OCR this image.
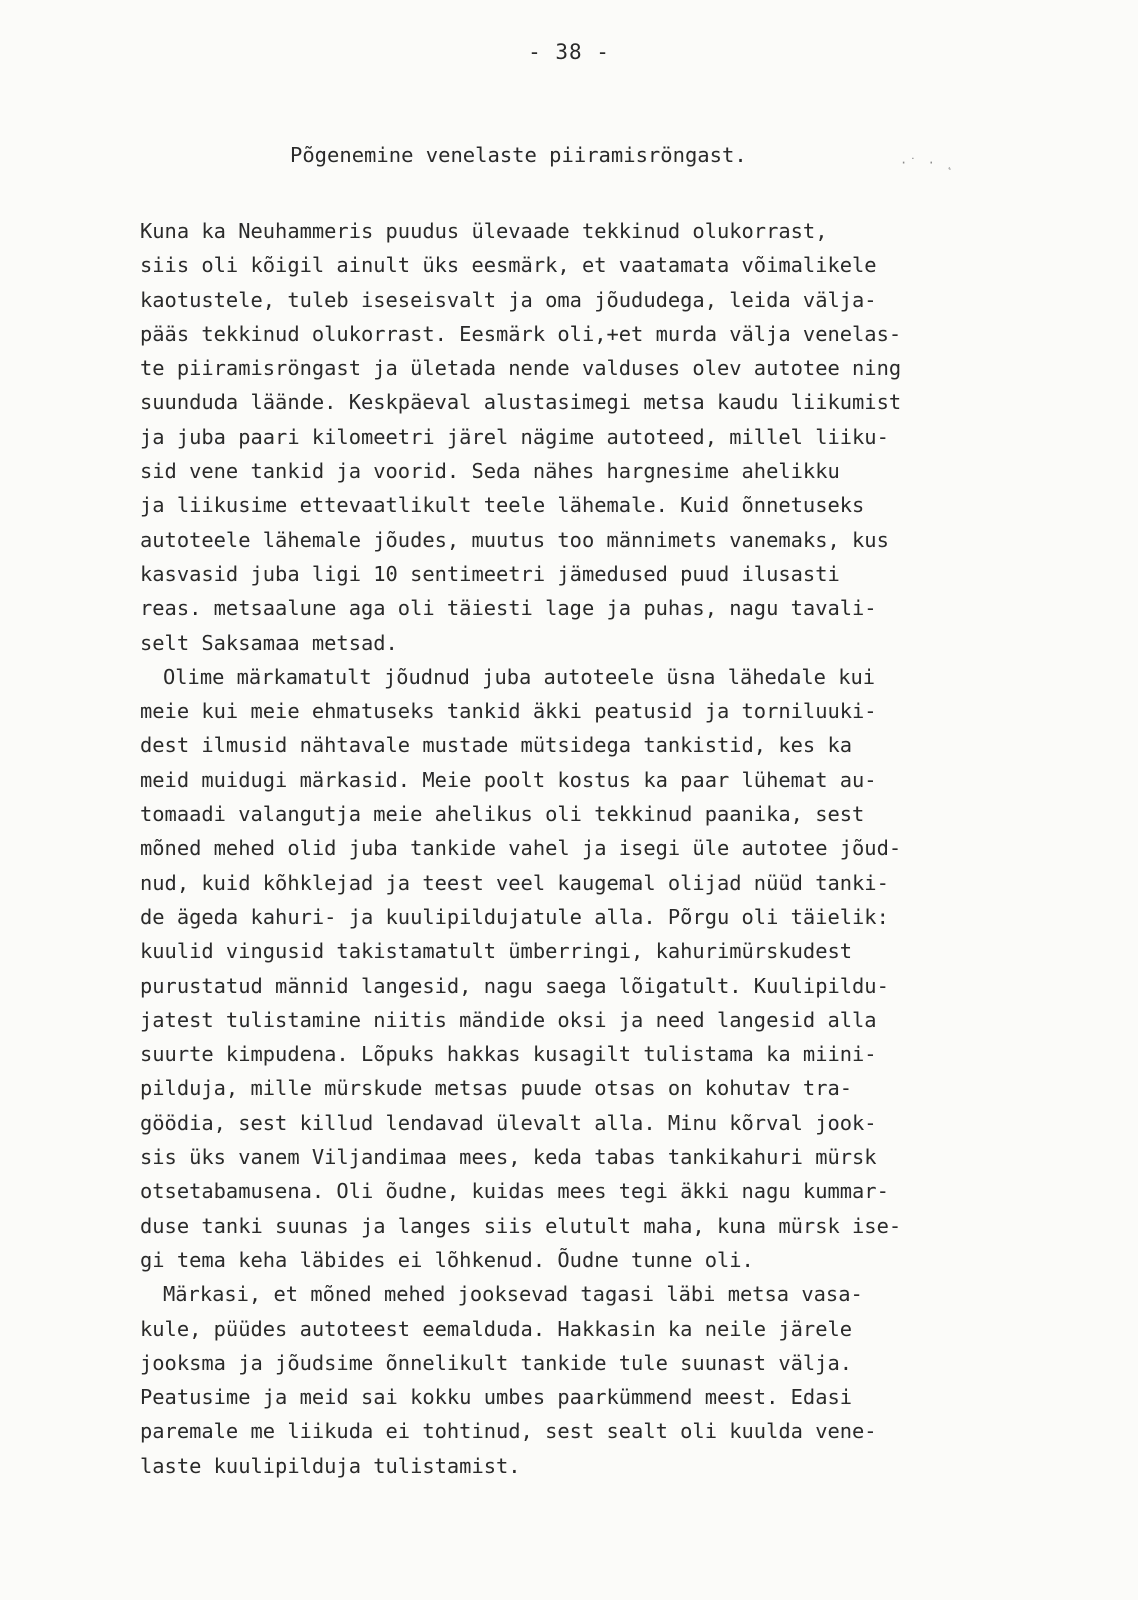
- 38 -
·˙ · ˛
Põgenemine venelaste piiramisröngast.
Kuna ka Neuhammeris puudus ülevaade tekkinud olukorrast,
siis oli kõigil ainult üks eesmärk, et vaatamata võimalikele
kaotustele, tuleb iseseisvalt ja oma jõududega, leida välja-
pääs tekkinud olukorrast. Eesmärk oli,+et murda välja venelas-
te piiramisröngast ja ületada nende valduses olev autotee ning
suunduda läände. Keskpäeval alustasimegi metsa kaudu liikumist
ja juba paari kilomeetri järel nägime autoteed, millel liiku-
sid vene tankid ja voorid. Seda nähes hargnesime ahelikku
ja liikusime ettevaatlikult teele lähemale. Kuid õnnetuseks
autoteele lähemale jõudes, muutus too männimets vanemaks, kus
kasvasid juba ligi 10 sentimeetri jämedused puud ilusasti
reas. metsaalune aga oli täiesti lage ja puhas, nagu tavali-
selt Saksamaa metsad.
Olime märkamatult jõudnud juba autoteele üsna lähedale kui
meie kui meie ehmatuseks tankid äkki peatusid ja torniluuki-
dest ilmusid nähtavale mustade mütsidega tankistid, kes ka
meid muidugi märkasid. Meie poolt kostus ka paar lühemat au-
tomaadi valangutja meie ahelikus oli tekkinud paanika, sest
mõned mehed olid juba tankide vahel ja isegi üle autotee jõud-
nud, kuid kõhklejad ja teest veel kaugemal olijad nüüd tanki-
de ägeda kahuri- ja kuulipildujatule alla. Põrgu oli täielik:
kuulid vingusid takistamatult ümberringi, kahurimürskudest
purustatud männid langesid, nagu saega lõigatult. Kuulipildu-
jatest tulistamine niitis mändide oksi ja need langesid alla
suurte kimpudena. Lõpuks hakkas kusagilt tulistama ka miini-
pilduja, mille mürskude metsas puude otsas on kohutav tra-
göödia, sest killud lendavad ülevalt alla. Minu kõrval jook-
sis üks vanem Viljandimaa mees, keda tabas tankikahuri mürsk
otsetabamusena. Oli õudne, kuidas mees tegi äkki nagu kummar-
duse tanki suunas ja langes siis elutult maha, kuna mürsk ise-
gi tema keha läbides ei lõhkenud. Õudne tunne oli.
Märkasi, et mõned mehed jooksevad tagasi läbi metsa vasa-
kule, püüdes autoteest eemalduda. Hakkasin ka neile järele
jooksma ja jõudsime õnnelikult tankide tule suunast välja.
Peatusime ja meid sai kokku umbes paarkümmend meest. Edasi
paremale me liikuda ei tohtinud, sest sealt oli kuulda vene-
laste kuulipilduja tulistamist.
